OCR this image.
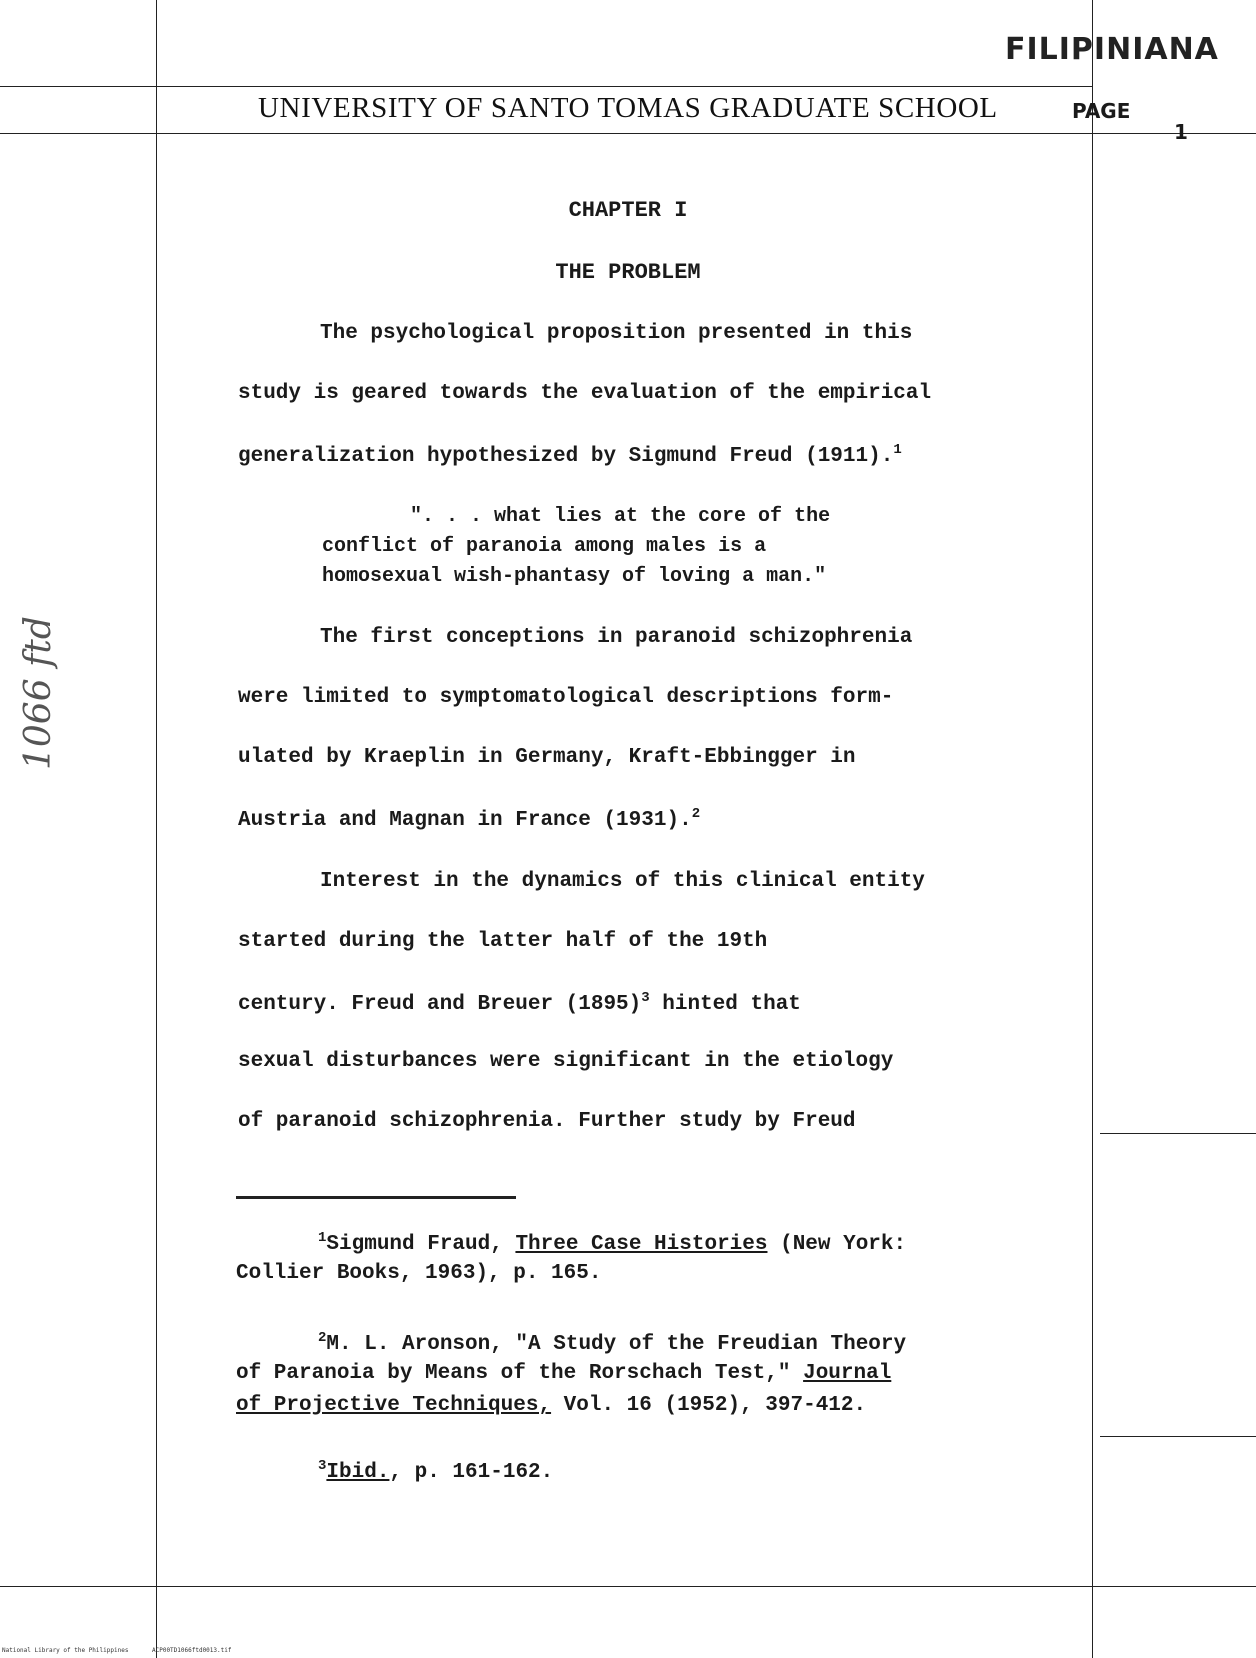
FILIPINIANA
UNIVERSITY OF SANTO TOMAS GRADUATE SCHOOL	PAGE
1
CHAPTER I
THE PROBLEM
The psychological proposition presented in this
study is geared towards the evaluation of the empirical
generalization hypothesized by Sigmund Freud (1911).$^1$
". . . what lies at the core of the
conflict of paranoia among males is a
homosexual wish-phantasy of loving a man."
The first conceptions in paranoid schizophrenia
were limited to symptomatological descriptions form-
ulated by Kraeplin in Germany, Kraft-Ebbingger in
Austria and Magnan in France (1931).$^2$
Interest in the dynamics of this clinical entity
started during the latter half of the 19th
century. Freud and Breuer $(1895)^3$ hinted that
sexual disturbances were significant in the etiology
of paranoid schizophrenia. Further study by Freud
$^1$Sigmund Fraud, Three Case Histories (New York:
Collier Books, 1963), p. 165.
$^2$M. L. Aronson, "A Study of the Freudian Theory
of Paranoia by Means of the Rorschach Test," Journal
of Projective Techniques, Vol. 16 (1952), 397-412.
$^3$Ibid., p. 161-162.
1066 ftd
National Library of the Philippines	ACP00TD1066ftd0013.tif
